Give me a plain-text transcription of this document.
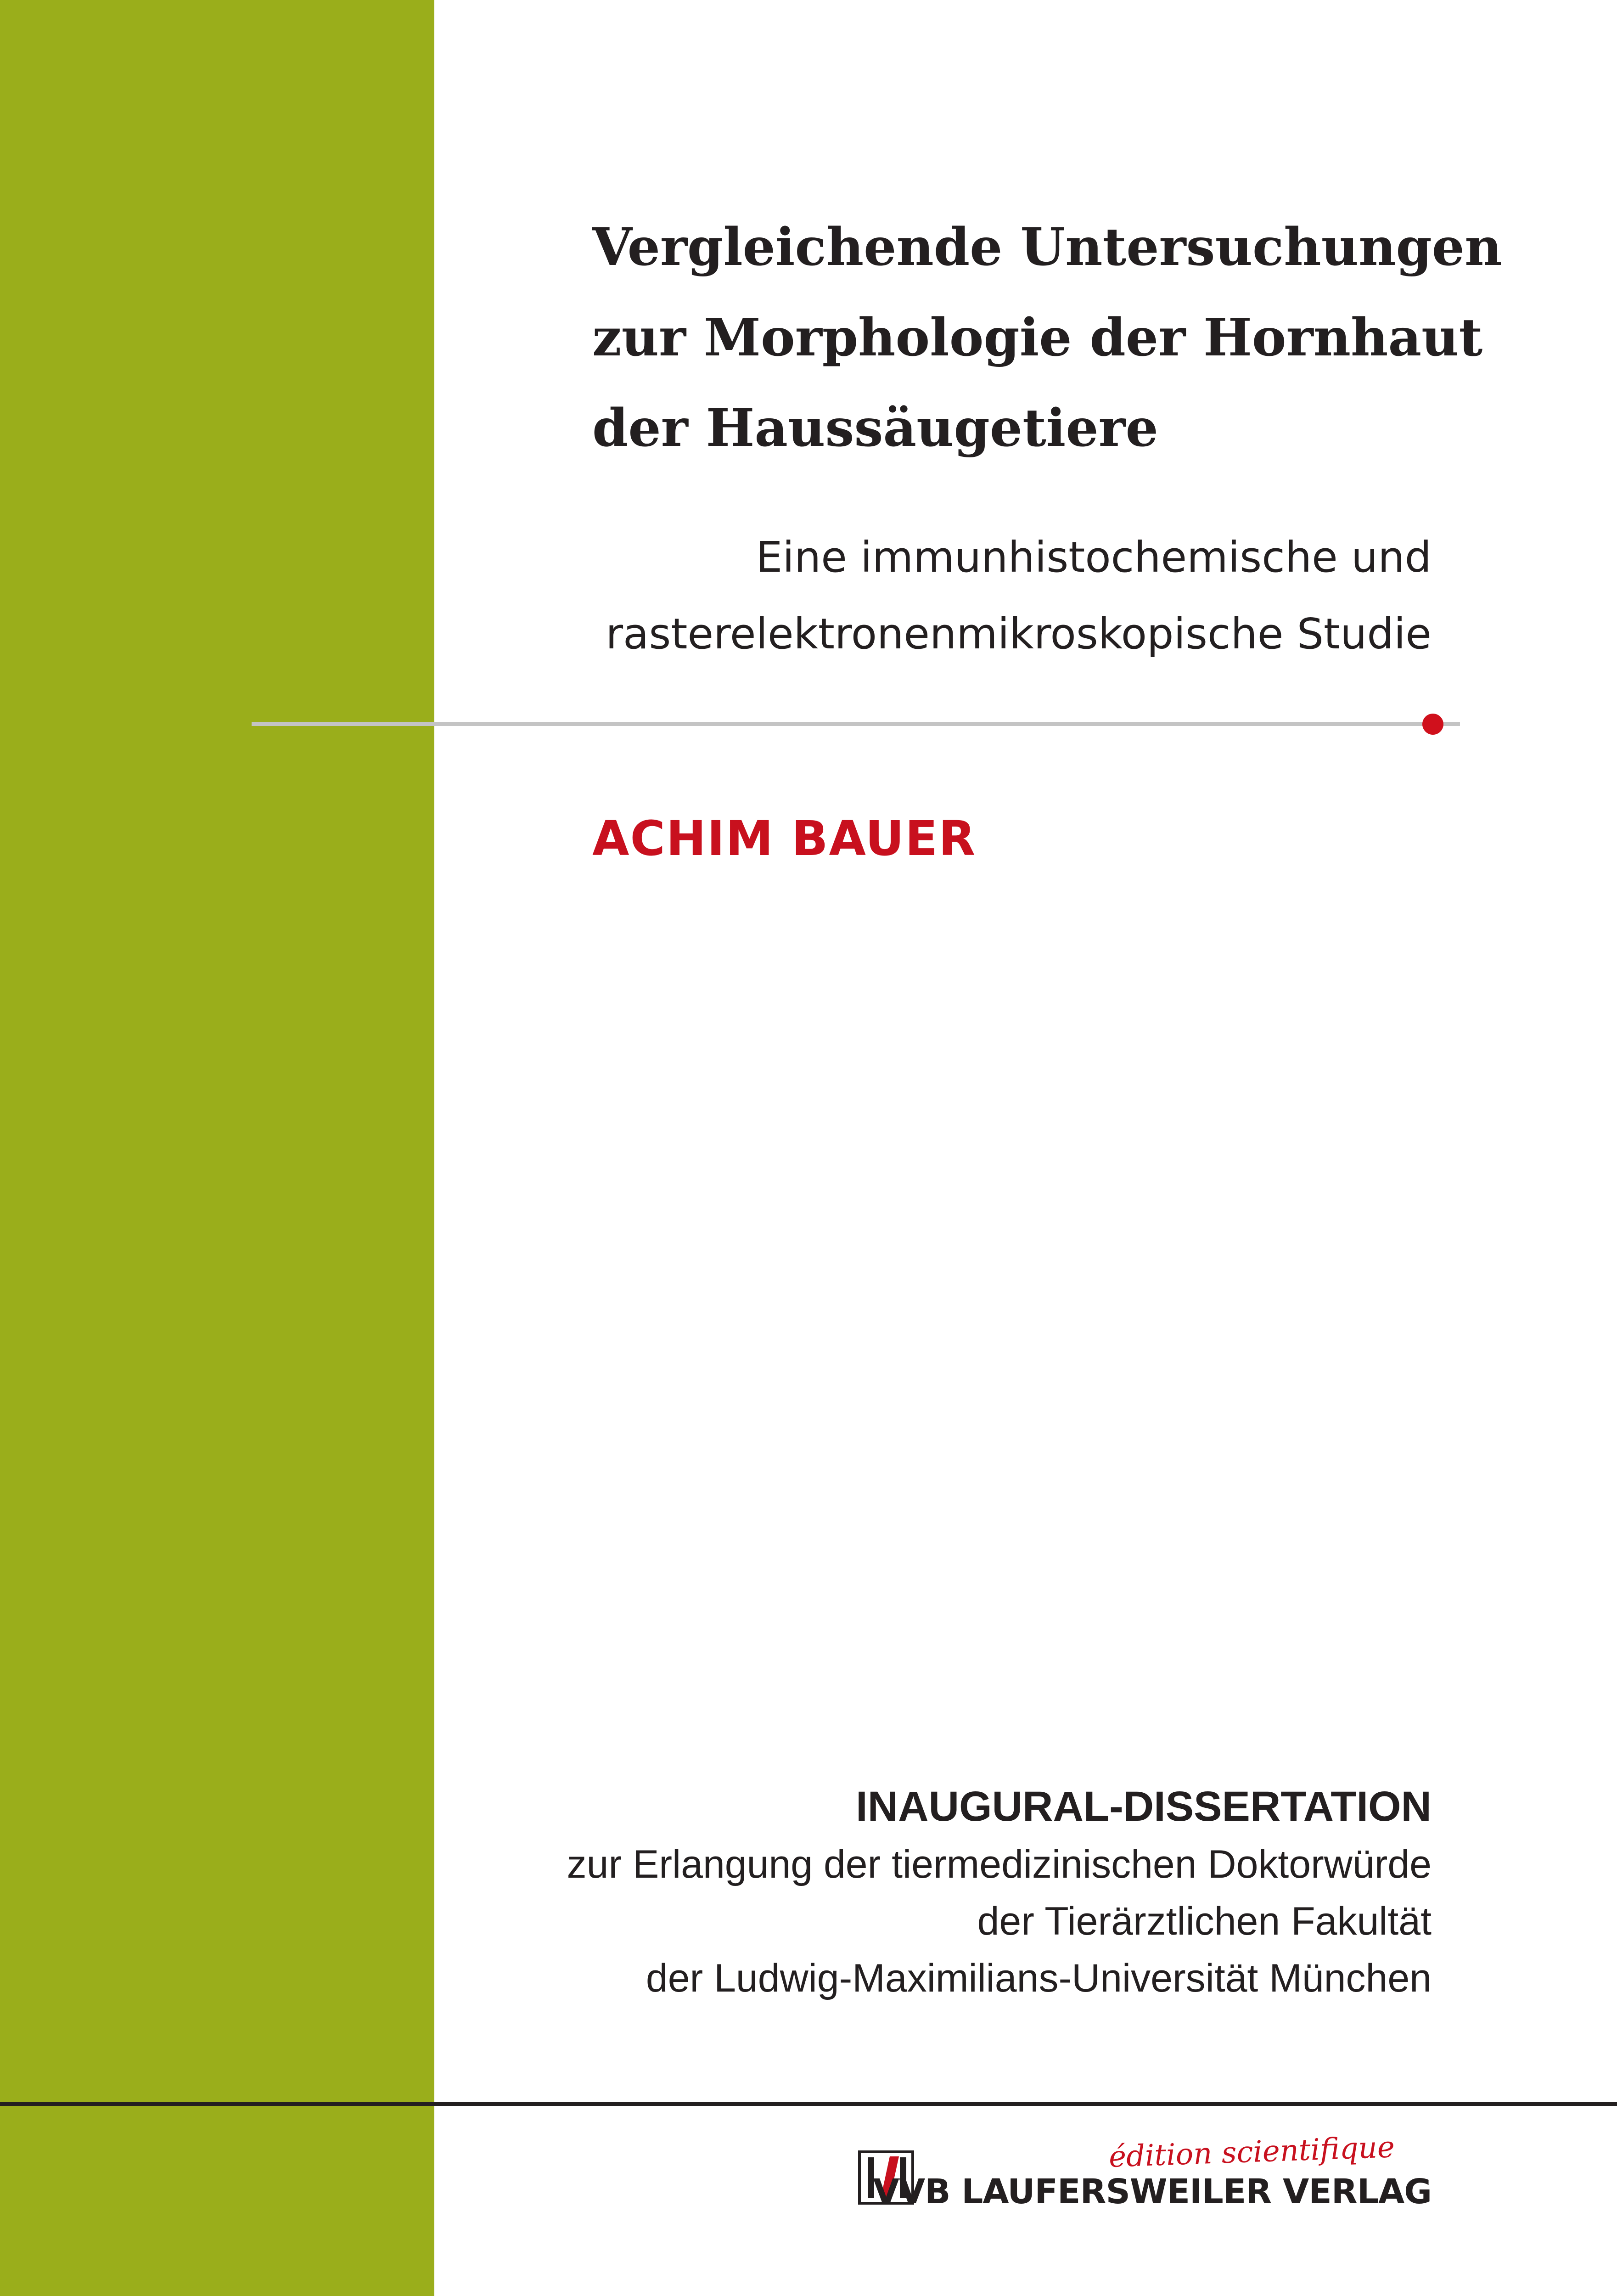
Vergleichende Untersuchungen
zur Morphologie der Hornhaut
der Haussäugetiere
Eine immunhistochemische und
rasterelektronenmikroskopische Studie
ACHIM BAUER
INAUGURAL-DISSERTATION
zur Erlangung der tiermedizinischen Doktorwürde
der Tierärztlichen Fakultät
der Ludwig-Maximilians-Universität München
édition scientifique
VVB LAUFERSWEILER VERLAG
